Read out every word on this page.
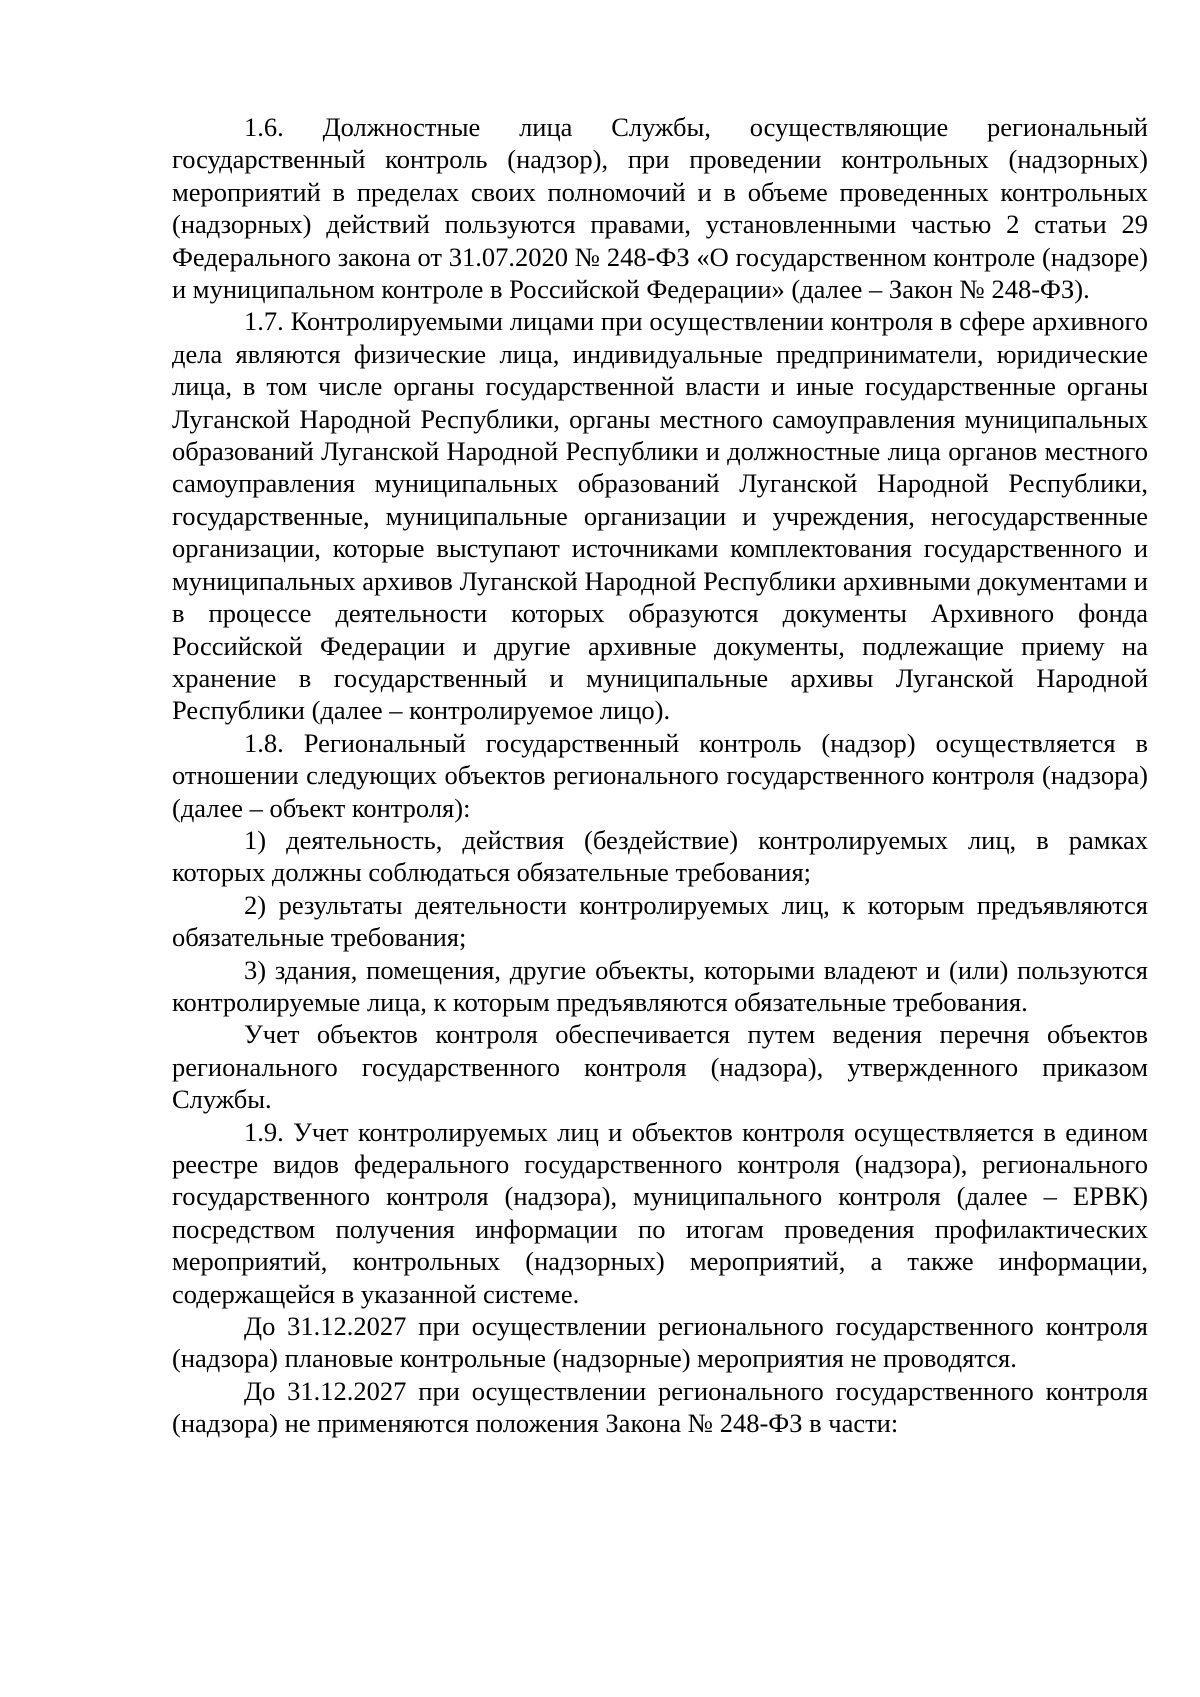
1.6. Должностные лица Службы, осуществляющие региональный государственный контроль (надзор), при проведении контрольных (надзорных) мероприятий в пределах своих полномочий и в объеме проведенных контрольных (надзорных) действий пользуются правами, установленными частью 2 статьи 29 Федерального закона от 31.07.2020 № 248-ФЗ «О государственном контроле (надзоре) и муниципальном контроле в Российской Федерации» (далее – Закон № 248-ФЗ).

1.7. Контролируемыми лицами при осуществлении контроля в сфере архивного дела являются физические лица, индивидуальные предприниматели, юридические лица, в том числе органы государственной власти и иные государственные органы Луганской Народной Республики, органы местного самоуправления муниципальных образований Луганской Народной Республики и должностные лица органов местного самоуправления муниципальных образований Луганской Народной Республики, государственные, муниципальные организации и учреждения, негосударственные организации, которые выступают источниками комплектования государственного и муниципальных архивов Луганской Народной Республики архивными документами и в процессе деятельности которых образуются документы Архивного фонда Российской Федерации и другие архивные документы, подлежащие приему на хранение в государственный и муниципальные архивы Луганской Народной Республики (далее – контролируемое лицо).

1.8. Региональный государственный контроль (надзор) осуществляется в отношении следующих объектов регионального государственного контроля (надзора) (далее – объект контроля):

1) деятельность, действия (бездействие) контролируемых лиц, в рамках которых должны соблюдаться обязательные требования;

2) результаты деятельности контролируемых лиц, к которым предъявляются обязательные требования;

3) здания, помещения, другие объекты, которыми владеют и (или) пользуются контролируемые лица, к которым предъявляются обязательные требования.

Учет объектов контроля обеспечивается путем ведения перечня объектов регионального государственного контроля (надзора), утвержденного приказом Службы.

1.9. Учет контролируемых лиц и объектов контроля осуществляется в едином реестре видов федерального государственного контроля (надзора), регионального государственного контроля (надзора), муниципального контроля (далее – ЕРВК) посредством получения информации по итогам проведения профилактических мероприятий, контрольных (надзорных) мероприятий, а также информации, содержащейся в указанной системе.

До 31.12.2027 при осуществлении регионального государственного контроля (надзора) плановые контрольные (надзорные) мероприятия не проводятся.

До 31.12.2027 при осуществлении регионального государственного контроля (надзора) не применяются положения Закона № 248-ФЗ в части:
